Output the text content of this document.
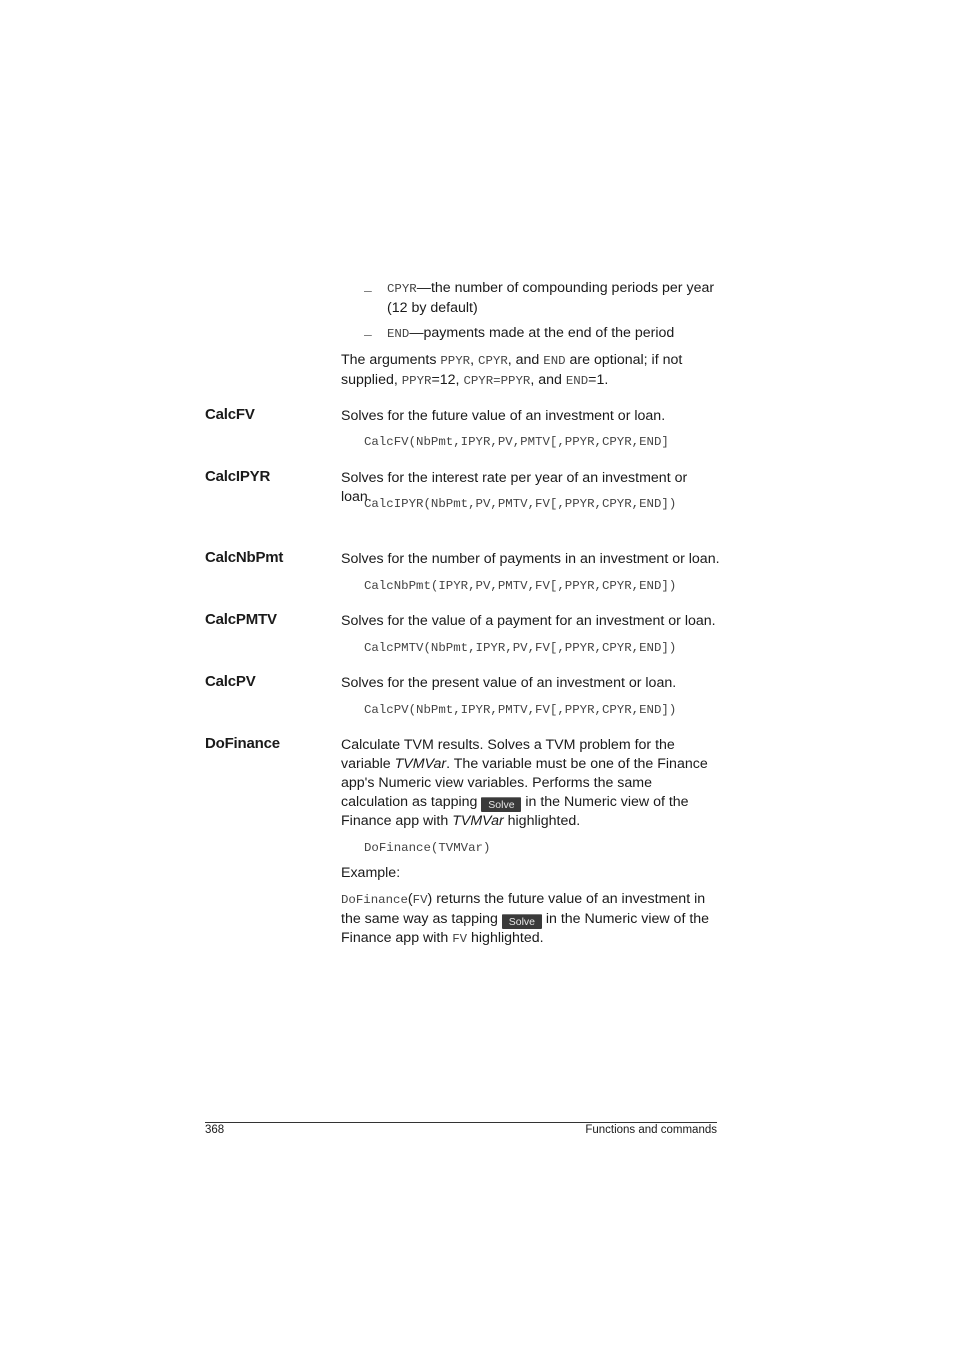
– CPYR—the number of compounding periods per year (12 by default)
– END—payments made at the end of the period
The arguments PPYR, CPYR, and END are optional; if not supplied, PPYR=12, CPYR=PPYR, and END=1.
CalcFV	Solves for the future value of an investment or loan.
CalcFV(NbPmt,IPYR,PV,PMTV[,PPYR,CPYR,END]
CalcIPYR	Solves for the interest rate per year of an investment or loan.
CalcIPYR(NbPmt,PV,PMTV,FV[,PPYR,CPYR,END])
CalcNbPmt	Solves for the number of payments in an investment or loan.
CalcNbPmt(IPYR,PV,PMTV,FV[,PPYR,CPYR,END])
CalcPMTV	Solves for the value of a payment for an investment or loan.
CalcPMTV(NbPmt,IPYR,PV,FV[,PPYR,CPYR,END])
CalcPV	Solves for the present value of an investment or loan.
CalcPV(NbPmt,IPYR,PMTV,FV[,PPYR,CPYR,END])
DoFinance	Calculate TVM results. Solves a TVM problem for the variable TVMVar. The variable must be one of the Finance app's Numeric view variables. Performs the same calculation as tapping Solve in the Numeric view of the Finance app with TVMVar highlighted.
DoFinance(TVMVar)
Example:
DoFinance(FV) returns the future value of an investment in the same way as tapping Solve in the Numeric view of the Finance app with FV highlighted.
368	Functions and commands
